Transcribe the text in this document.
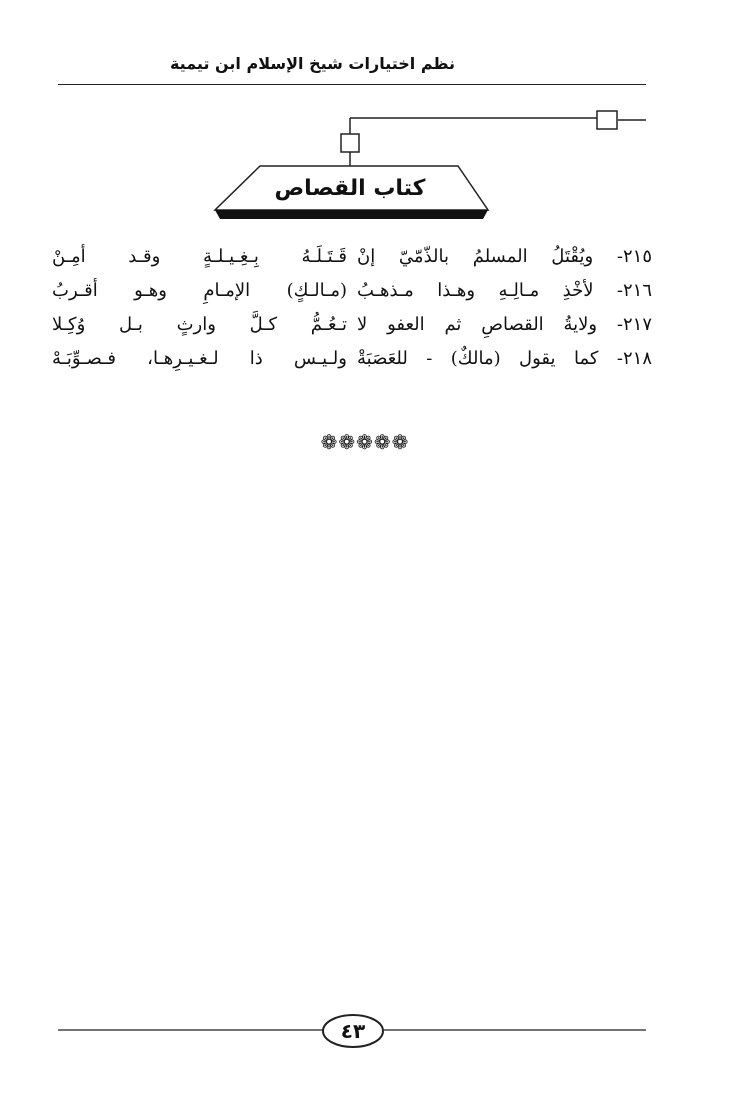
نظم اختيارات شيخ الإسلام ابن تيمية
كتاب القصاص
٢١٥- ويُقْتَلُ المسلمُ بالذّمّيّ إنْ
قَـتَـلَـهُ بِـغِـيـلـةٍ وقـد أمِـنْ
٢١٦- لأخْذِ مـالِـهِ وهـذا مـذهـبُ
(مـالـكٍ) الإمـامِ وهـو أقـربُ
٢١٧- ولايةُ القصاصِ ثم العفو لا
تـعُـمُّ كـلَّ وارثٍ بـل وُكِـلا
٢١٨- كما يقول (مالكٌ) - للعَصَبَةْ
ولـيـس ذا لـغـيـرِهـا، فـصـوِّبَـهْ
❁❁❁❁❁
٤٣
